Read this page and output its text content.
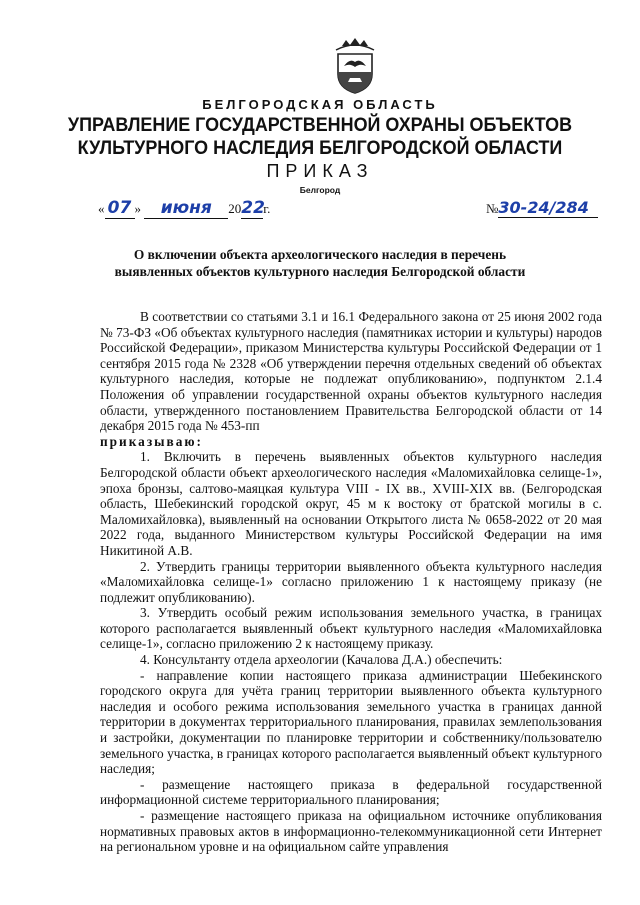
БЕЛГОРОДСКАЯ ОБЛАСТЬ
УПРАВЛЕНИЕ ГОСУДАРСТВЕННОЙ ОХРАНЫ ОБЪЕКТОВ
КУЛЬТУРНОГО НАСЛЕДИЯ БЕЛГОРОДСКОЙ ОБЛАСТИ
ПРИКАЗ
Белгород
« 07 » июня 2022г.	№30-24/284
О включении объекта археологического наследия в перечень
выявленных объектов культурного наследия Белгородской области

В соответствии со статьями 3.1 и 16.1 Федерального закона от 25 июня 2002 года № 73-ФЗ «Об объектах культурного наследия (памятниках истории и культуры) народов Российской Федерации», приказом Министерства культуры Российской Федерации от 1 сентября 2015 года № 2328 «Об утверждении перечня отдельных сведений об объектах культурного наследия, которые не подлежат опубликованию», подпунктом 2.1.4 Положения об управлении государственной охраны объектов культурного наследия области, утвержденного постановлением Правительства Белгородской области от 14 декабря 2015 года № 453-пп

приказываю:

1. Включить в перечень выявленных объектов культурного наследия Белгородской области объект археологического наследия «Маломихайловка селище-1», эпоха бронзы, салтово-маяцкая культура VIII - IX вв., XVIII-XIX вв. (Белгородская область, Шебекинский городской округ, 45 м к востоку от братской могилы в с. Маломихайловка), выявленный на основании Открытого листа № 0658-2022 от 20 мая 2022 года, выданного Министерством культуры Российской Федерации на имя Никитиной А.В.

2. Утвердить границы территории выявленного объекта культурного наследия «Маломихайловка селище-1» согласно приложению 1 к настоящему приказу (не подлежит опубликованию).

3. Утвердить особый режим использования земельного участка, в границах которого располагается выявленный объект культурного наследия «Маломихайловка селище-1», согласно приложению 2 к настоящему приказу.

4. Консультанту отдела археологии (Качалова Д.А.) обеспечить:

- направление копии настоящего приказа администрации Шебекинского городского округа для учёта границ территории выявленного объекта культурного наследия и особого режима использования земельного участка в границах данной территории в документах территориального планирования, правилах землепользования и застройки, документации по планировке территории и собственнику/пользователю земельного участка, в границах которого располагается выявленный объект культурного наследия;

- размещение настоящего приказа в федеральной государственной информационной системе территориального планирования;

- размещение настоящего приказа на официальном источнике опубликования нормативных правовых актов в информационно-телекоммуникационной сети Интернет на региональном уровне и на официальном сайте управления
